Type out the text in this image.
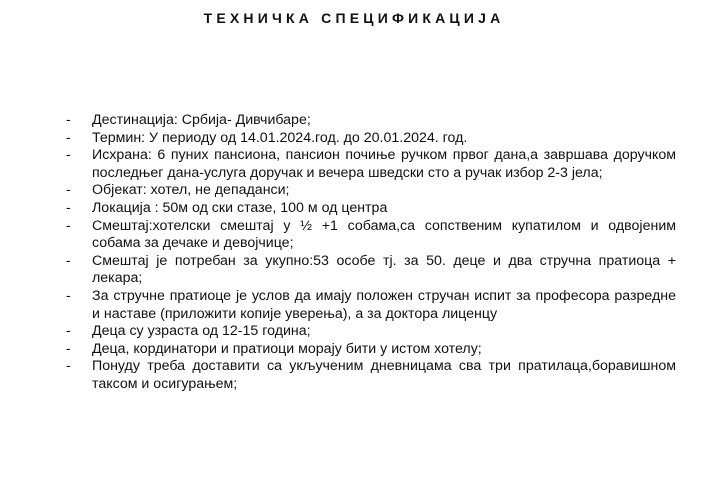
ТЕХНИЧКА СПЕЦИФИКАЦИЈА
- Дестинација: Србија- Дивчибаре;
- Термин: У периоду од 14.01.2024.год. до 20.01.2024. год.
- Исхрана: 6 пуних пансиона, пансион почиње ручком првог дана,а завршава доручком последњег дана-услуга доручак и вечера шведски сто а ручак избор 2-3 јела;
- Објекат: хотел, не депаданси;
- Локација : 50м од ски стазе, 100 м од центра
- Смештај:хотелски смештај у ½ +1 собама,са сопственим купатилом и одвојеним собама за дечаке и девојчице;
- Смештај је потребан за укупно:53 особе тј. за 50. деце и два стручна пратиоца + лекара;
- За стручне пратиоце је услов да имају положен стручан испит за професора разредне и наставе (приложити копије уверења), а за доктора лиценцу
- Деца су узраста од 12-15 година;
- Деца, кординатори и пратиоци морају бити у истом хотелу;
- Понуду треба доставити са укљученим дневницама сва три пратилаца,боравишном таксом и осигурањем;
